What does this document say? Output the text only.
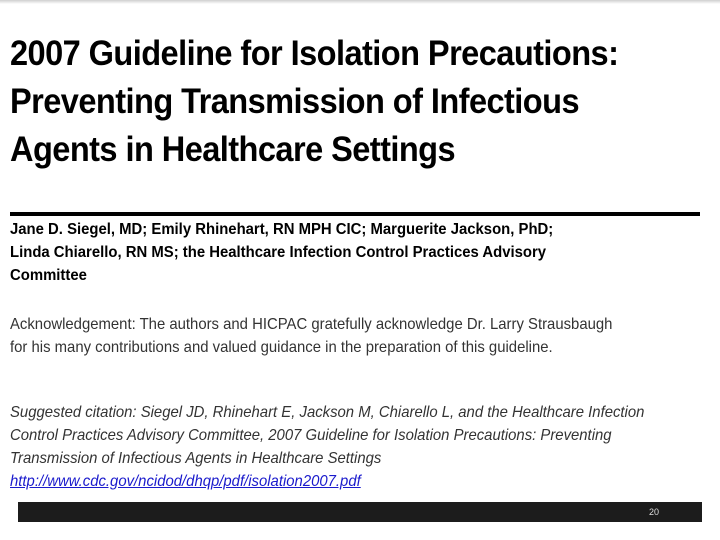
2007 Guideline for Isolation Precautions:
Preventing Transmission of Infectious
Agents in Healthcare Settings
Jane D. Siegel, MD; Emily Rhinehart, RN MPH CIC; Marguerite Jackson, PhD;
Linda Chiarello, RN MS; the Healthcare Infection Control Practices Advisory
Committee
Acknowledgement: The authors and HICPAC gratefully acknowledge Dr. Larry Strausbaugh
for his many contributions and valued guidance in the preparation of this guideline.
Suggested citation: Siegel JD, Rhinehart E, Jackson M, Chiarello L, and the Healthcare Infection
Control Practices Advisory Committee, 2007 Guideline for Isolation Precautions: Preventing
Transmission of Infectious Agents in Healthcare Settings
http://www.cdc.gov/ncidod/dhqp/pdf/isolation2007.pdf
20
